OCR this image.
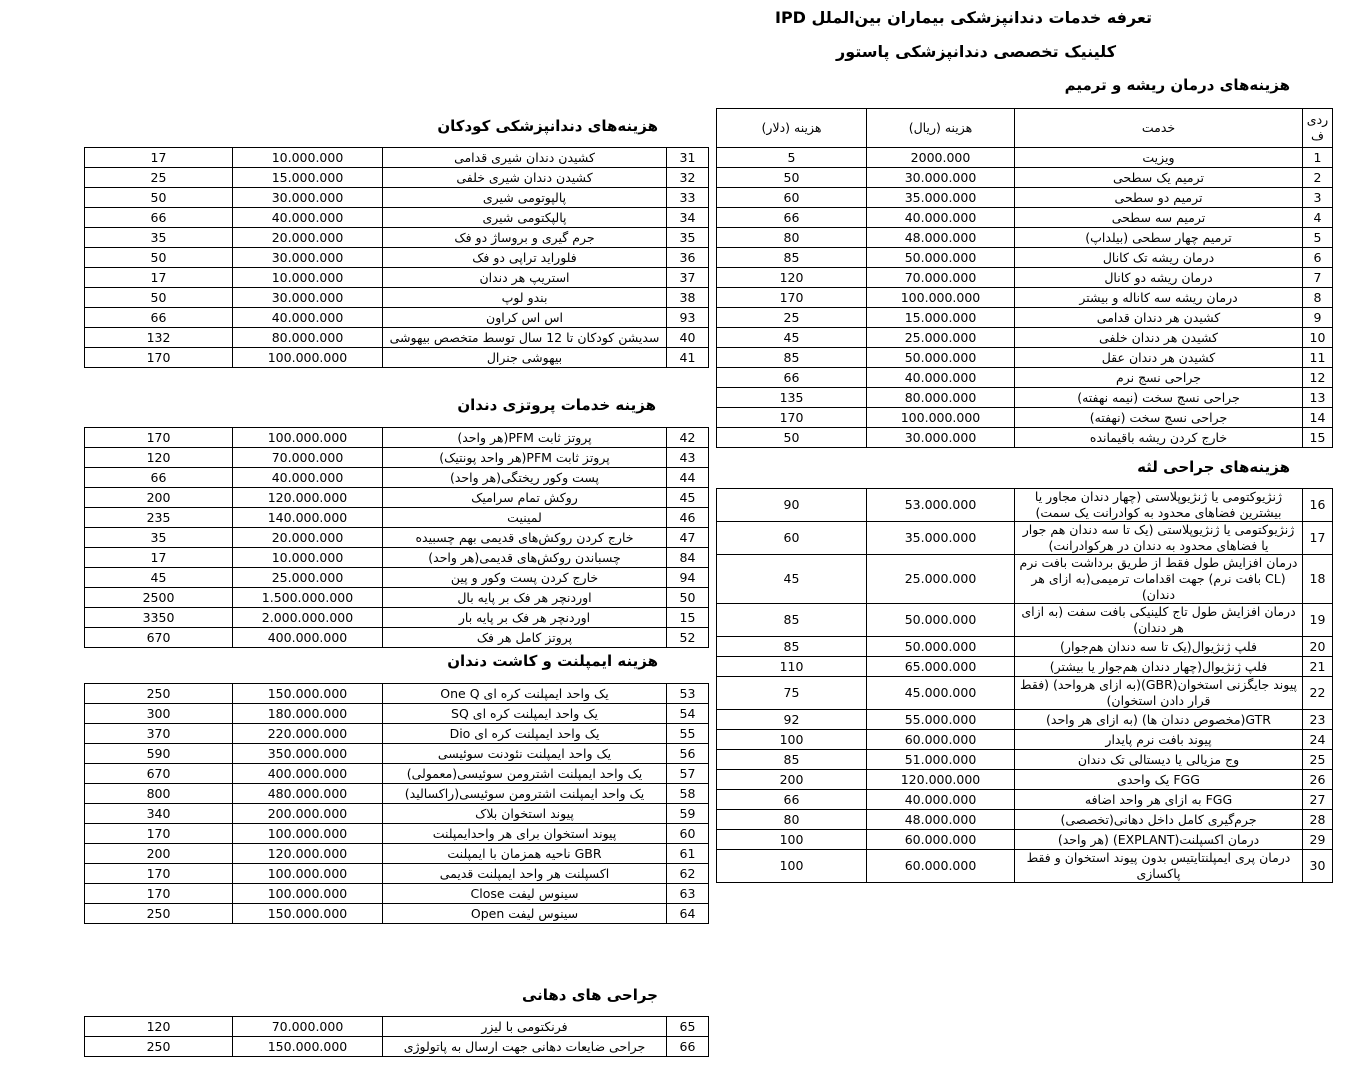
تعرفه خدمات دندانپزشکی بیماران بین‌الملل IPD
کلینیک تخصصی دندانپزشکی پاستور
هزینه‌های درمان ریشه و ترمیم
ردی ف	خدمت	هزینه (ریال)	هزینه (دلار)
1	ویزیت	2000.000	5
2	ترمیم یک سطحی	30.000.000	50
3	ترمیم دو سطحی	35.000.000	60
4	ترمیم سه سطحی	40.000.000	66
5	ترمیم چهار سطحی (بیلداپ)	48.000.000	80
6	درمان ریشه تک کانال	50.000.000	85
7	درمان ریشه دو کانال	70.000.000	120
8	درمان ریشه سه کاناله و بیشتر	100.000.000	170
9	کشیدن هر دندان قدامی	15.000.000	25
10	کشیدن هر دندان خلفی	25.000.000	45
11	کشیدن هر دندان عقل	50.000.000	85
12	جراحی نسج نرم	40.000.000	66
13	جراحی نسج سخت (نیمه نهفته)	80.000.000	135
14	جراحی نسج سخت (نهفته)	100.000.000	170
15	خارج کردن ریشه باقیمانده	30.000.000	50
هزینه‌های جراحی لثه
16	ژنژیوکتومی یا ژنژیوپلاستی (چهار دندان مجاور یا بیشترین فضاهای محدود به کوادرانت یک سمت)	53.000.000	90
17	ژنژیوکتومی یا ژنژیوپلاستی (یک تا سه دندان هم جوار یا فضاهای محدود به دندان در هرکوادرانت)	35.000.000	60
18	درمان افزایش طول فقط از طریق برداشت بافت نرم (CL بافت نرم) جهت اقدامات ترمیمی(به ازای هر دندان)	25.000.000	45
19	درمان افزایش طول تاج کلینیکی بافت سفت (به ازای هر دندان)	50.000.000	85
20	فلپ ژنژیوال(یک تا سه دندان هم‌جوار)	50.000.000	85
21	فلپ ژنژیوال(چهار دندان هم‌جوار یا بیشتر)	65.000.000	110
22	پیوند جایگزنی استخوان(GBR)(به ازای هرواحد) (فقط قرار دادن استخوان)	45.000.000	75
23	GTR(مخصوص دندان ها) (به ازای هر واحد)	55.000.000	92
24	پیوند بافت نرم پایدار	60.000.000	100
25	وج مزیالی یا دیستالی تک دندان	51.000.000	85
26	FGG یک واحدی	120.000.000	200
27	FGG به ازای هر واحد اضافه	40.000.000	66
28	جرم‌گیری کامل داخل دهانی(تخصصی)	48.000.000	80
29	درمان اکسپلنت(EXPLANT) (هر واحد)	60.000.000	100
30	درمان پری ایمپلنتایتیس بدون پیوند استخوان و فقط پاکسازی	60.000.000	100
هزینه‌های دندانپزشکی کودکان
31	کشیدن دندان شیری قدامی	10.000.000	17
32	کشیدن دندان شیری خلفی	15.000.000	25
33	پالپوتومی شیری	30.000.000	50
34	پالپکتومی شیری	40.000.000	66
35	جرم گیری و بروساژ دو فک	20.000.000	35
36	فلوراید تراپی دو فک	30.000.000	50
37	استریپ هر دندان	10.000.000	17
38	بندو لوپ	30.000.000	50
93	اس اس کراون	40.000.000	66
40	سدیشن کودکان تا 12 سال توسط متخصص بیهوشی	80.000.000	132
41	بیهوشی جنرال	100.000.000	170
هزینه خدمات پروتزی دندان
42	پروتز ثابت PFM(هر واحد)	100.000.000	170
43	پروتز ثابت PFM(هر واحد پونتیک)	70.000.000	120
44	پست وکور ریختگی(هر واحد)	40.000.000	66
45	روکش تمام سرامیک	120.000.000	200
46	لمینیت	140.000.000	235
47	خارج کردن روکش‌های قدیمی بهم چسبیده	20.000.000	35
84	چسباندن روکش‌های قدیمی(هر واحد)	10.000.000	17
94	خارج کردن پست وکور و پین	25.000.000	45
50	اوردنچر هر فک بر پایه بال	1.500.000.000	2500
15	اوردنچر هر فک بر پایه بار	2.000.000.000	3350
52	پروتز کامل هر فک	400.000.000	670
هزینه ایمپلنت و کاشت دندان
53	یک واحد ایمپلنت کره ای One Q	150.000.000	250
54	یک واحد ایمپلنت کره ای SQ	180.000.000	300
55	یک واحد ایمپلنت کره ای Dio	220.000.000	370
56	یک واحد ایمپلنت نئودنت سوئیسی	350.000.000	590
57	یک واحد ایمپلنت اشترومن سوئیسی(معمولی)	400.000.000	670
58	یک واحد ایمپلنت اشترومن سوئیسی(راکسالید)	480.000.000	800
59	پیوند استخوان بلاک	200.000.000	340
60	پیوند استخوان برای هر واحدایمپلنت	100.000.000	170
61	GBR ناحیه همزمان با ایمپلنت	120.000.000	200
62	اکسپلنت هر واحد ایمپلنت قدیمی	100.000.000	170
63	سینوس لیفت Close	100.000.000	170
64	سینوس لیفت Open	150.000.000	250
جراحی های دهانی
65	فرنکتومی با لیزر	70.000.000	120
66	جراحی ضایعات دهانی جهت ارسال به پاتولوژی	150.000.000	250
